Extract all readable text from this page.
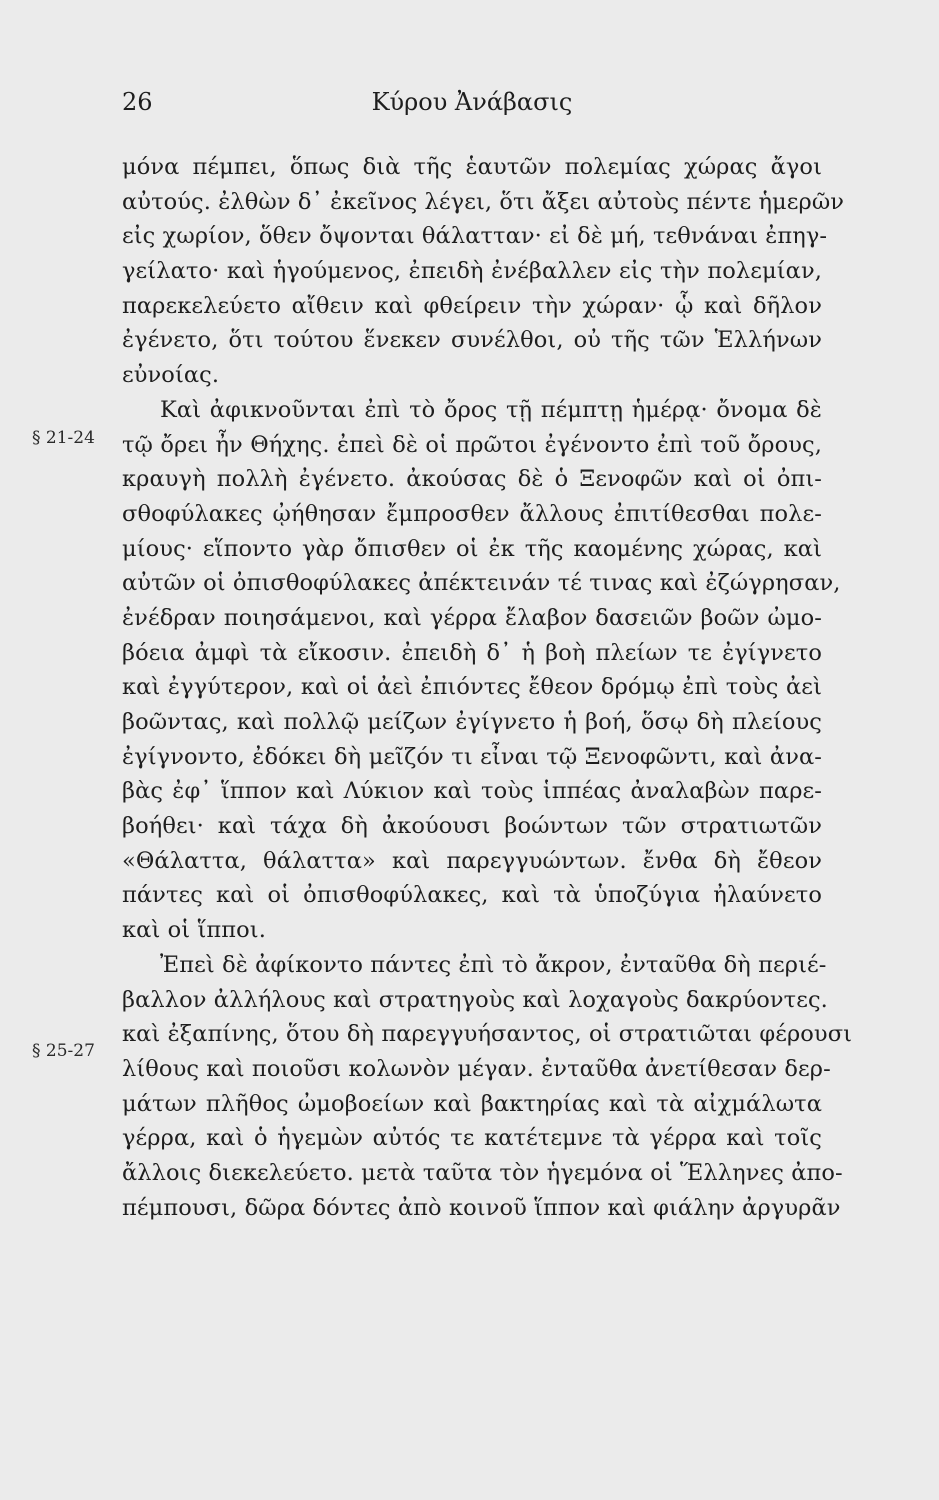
26	Κύρου Ἀνάβασις
§ 21-24
§ 25-27
μόνα πέμπει, ὅπως διὰ τῆς ἑαυτῶν πολεμίας χώρας ἄγοι
αὐτούς. ἐλθὼν δ᾽ ἐκεῖνος λέγει, ὅτι ἄξει αὐτοὺς πέντε ἡμερῶν
εἰς χωρίον, ὅθεν ὄψονται θάλατταν· εἰ δὲ μή, τεθνάναι ἐπηγ-
γείλατο· καὶ ἡγούμενος, ἐπειδὴ ἐνέβαλλεν εἰς τὴν πολεμίαν,
παρεκελεύετο αἴθειν καὶ φθείρειν τὴν χώραν· ᾧ καὶ δῆλον
ἐγένετο, ὅτι τούτου ἕνεκεν συνέλθοι, οὐ τῆς τῶν Ἑλλήνων
εὐνοίας.
Καὶ ἀφικνοῦνται ἐπὶ τὸ ὄρος τῇ πέμπτῃ ἡμέρᾳ· ὄνομα δὲ
τῷ ὄρει ἦν Θήχης. ἐπεὶ δὲ οἱ πρῶτοι ἐγένοντο ἐπὶ τοῦ ὄρους,
κραυγὴ πολλὴ ἐγένετο. ἀκούσας δὲ ὁ Ξενοφῶν καὶ οἱ ὀπι-
σθοφύλακες ᾠήθησαν ἔμπροσθεν ἄλλους ἐπιτίθεσθαι πολε-
μίους· εἵποντο γὰρ ὄπισθεν οἱ ἐκ τῆς καομένης χώρας, καὶ
αὐτῶν οἱ ὀπισθοφύλακες ἀπέκτεινάν τέ τινας καὶ ἐζώγρησαν,
ἐνέδραν ποιησάμενοι, καὶ γέρρα ἔλαβον δασειῶν βοῶν ὠμο-
βόεια ἀμφὶ τὰ εἴκοσιν. ἐπειδὴ δ᾽ ἡ βοὴ πλείων τε ἐγίγνετο
καὶ ἐγγύτερον, καὶ οἱ ἀεὶ ἐπιόντες ἔθεον δρόμῳ ἐπὶ τοὺς ἀεὶ
βοῶντας, καὶ πολλῷ μείζων ἐγίγνετο ἡ βοή, ὅσῳ δὴ πλείους
ἐγίγνοντο, ἐδόκει δὴ μεῖζόν τι εἶναι τῷ Ξενοφῶντι, καὶ ἀνα-
βὰς ἐφ᾽ ἵππον καὶ Λύκιον καὶ τοὺς ἱππέας ἀναλαβὼν παρε-
βοήθει· καὶ τάχα δὴ ἀκούουσι βοώντων τῶν στρατιωτῶν
«Θάλαττα, θάλαττα» καὶ παρεγγυώντων. ἔνθα δὴ ἔθεον
πάντες καὶ οἱ ὀπισθοφύλακες, καὶ τὰ ὑποζύγια ἠλαύνετο
καὶ οἱ ἵπποι.
Ἐπεὶ δὲ ἀφίκοντο πάντες ἐπὶ τὸ ἄκρον, ἐνταῦθα δὴ περιέ-
βαλλον ἀλλήλους καὶ στρατηγοὺς καὶ λοχαγοὺς δακρύοντες.
καὶ ἐξαπίνης, ὅτου δὴ παρεγγυήσαντος, οἱ στρατιῶται φέρουσι
λίθους καὶ ποιοῦσι κολωνὸν μέγαν. ἐνταῦθα ἀνετίθεσαν δερ-
μάτων πλῆθος ὠμοβοείων καὶ βακτηρίας καὶ τὰ αἰχμάλωτα
γέρρα, καὶ ὁ ἡγεμὼν αὐτός τε κατέτεμνε τὰ γέρρα καὶ τοῖς
ἄλλοις διεκελεύετο. μετὰ ταῦτα τὸν ἡγεμόνα οἱ Ἕλληνες ἀπο-
πέμπουσι, δῶρα δόντες ἀπὸ κοινοῦ ἵππον καὶ φιάλην ἀργυρᾶν
